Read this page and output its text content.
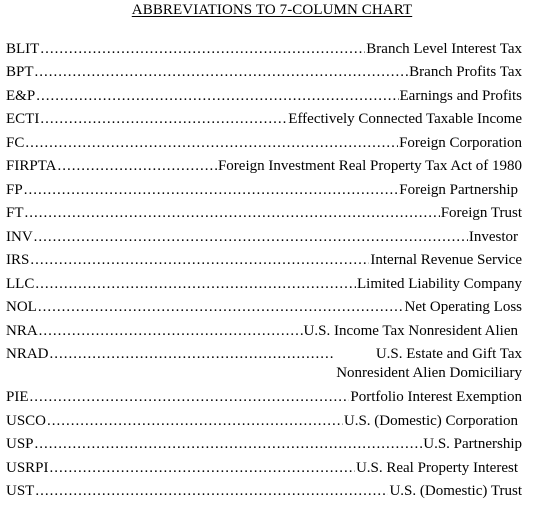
ABBREVIATIONS TO 7-COLUMN CHART
BLIT .....	Branch Level Interest Tax
BPT .....	Branch Profits Tax
E&P .....	Earnings and Profits
ECTI .....	Effectively Connected Taxable Income
FC .....	Foreign Corporation
FIRPTA .....	Foreign Investment Real Property Tax Act of 1980
FP .....	Foreign Partnership
FT .....	Foreign Trust
INV .....	Investor
IRS .....	Internal Revenue Service
LLC .....	Limited Liability Company
NOL .....	Net Operating Loss
NRA .....	U.S. Income Tax Nonresident Alien
NRAD .....	U.S. Estate and Gift Tax
Nonresident Alien Domiciliary
PIE .....	Portfolio Interest Exemption
USCO .....	U.S. (Domestic) Corporation
USP .....	U.S. Partnership
USRPI .....	U.S. Real Property Interest
UST .....	U.S. (Domestic) Trust
